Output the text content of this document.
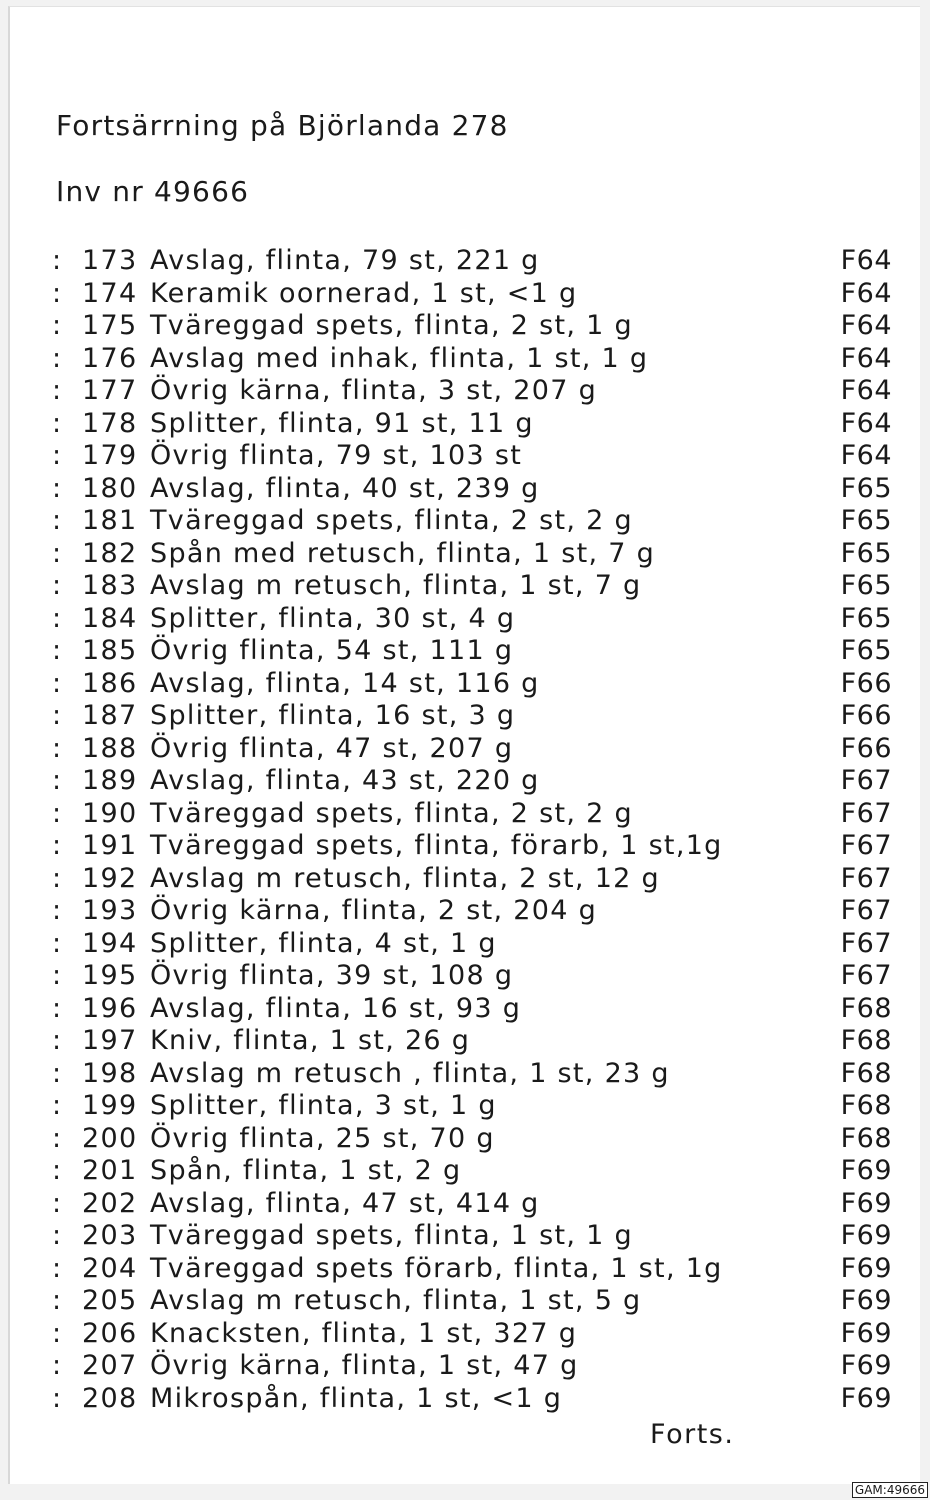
Fortsärrning på Björlanda 278
Inv nr 49666
: 173 Avslag, flinta, 79 st, 221 g	F64
: 174 Keramik oornerad, 1 st, <1 g	F64
: 175 Tväreggad spets, flinta, 2 st, 1 g	F64
: 176 Avslag med inhak, flinta, 1 st, 1 g	F64
: 177 Övrig kärna, flinta, 3 st, 207 g	F64
: 178 Splitter, flinta, 91 st, 11 g	F64
: 179 Övrig flinta, 79 st, 103 st	F64
: 180 Avslag, flinta, 40 st, 239 g	F65
: 181 Tväreggad spets, flinta, 2 st, 2 g	F65
: 182 Spån med retusch, flinta, 1 st, 7 g	F65
: 183 Avslag m retusch, flinta, 1 st, 7 g	F65
: 184 Splitter, flinta, 30 st, 4 g	F65
: 185 Övrig flinta, 54 st, 111 g	F65
: 186 Avslag, flinta, 14 st, 116 g	F66
: 187 Splitter, flinta, 16 st, 3 g	F66
: 188 Övrig flinta, 47 st, 207 g	F66
: 189 Avslag, flinta, 43 st, 220 g	F67
: 190 Tväreggad spets, flinta, 2 st, 2 g	F67
: 191 Tväreggad spets, flinta, förarb, 1 st,1g	F67
: 192 Avslag m retusch, flinta, 2 st, 12 g	F67
: 193 Övrig kärna, flinta, 2 st, 204 g	F67
: 194 Splitter, flinta, 4 st, 1 g	F67
: 195 Övrig flinta, 39 st, 108 g	F67
: 196 Avslag, flinta, 16 st, 93 g	F68
: 197 Kniv, flinta, 1 st, 26 g	F68
: 198 Avslag m retusch , flinta, 1 st, 23 g	F68
: 199 Splitter, flinta, 3 st, 1 g	F68
: 200 Övrig flinta, 25 st, 70 g	F68
: 201 Spån, flinta, 1 st, 2 g	F69
: 202 Avslag, flinta, 47 st, 414 g	F69
: 203 Tväreggad spets, flinta, 1 st, 1 g	F69
: 204 Tväreggad spets förarb, flinta, 1 st, 1g	F69
: 205 Avslag m retusch, flinta, 1 st, 5 g	F69
: 206 Knacksten, flinta, 1 st, 327 g	F69
: 207 Övrig kärna, flinta, 1 st, 47 g	F69
: 208 Mikrospån, flinta, 1 st, <1 g	F69
Forts.
GAM:49666
